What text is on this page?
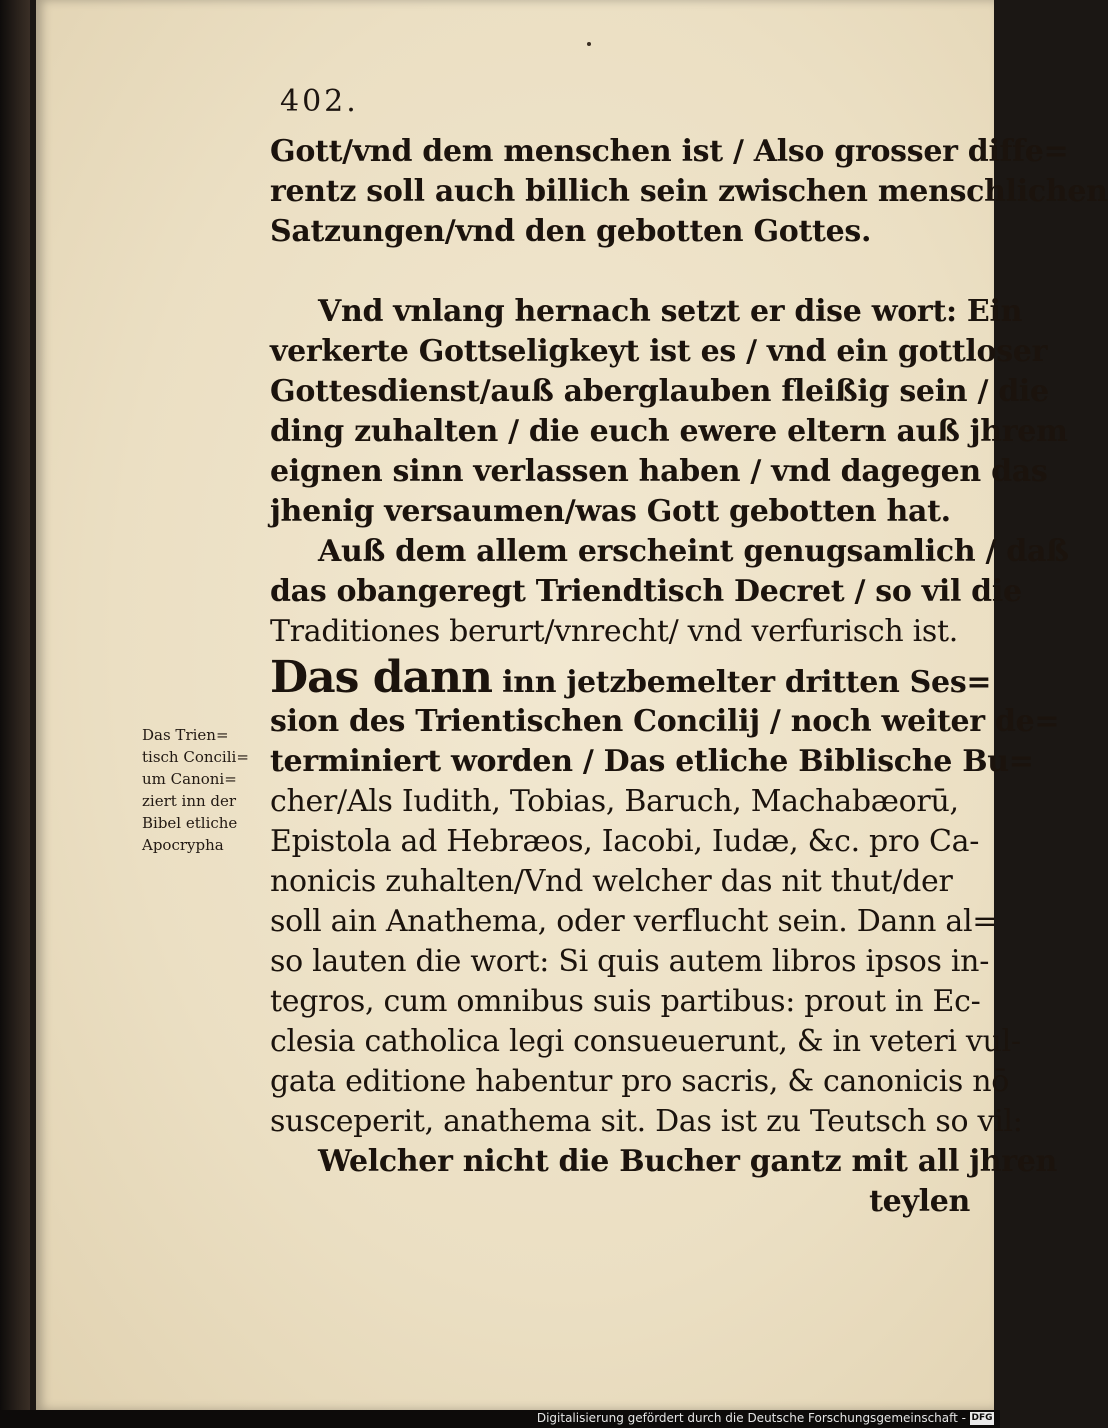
402.
Gott/vnd dem menschen ist / Also grosser diffe=
rentz soll auch billich sein zwischen menschlichen
Satzungen/vnd den gebotten Gottes.
Vnd vnlang hernach setzt er dise wort: Ein
verkerte Gottseligkeyt ist es / vnd ein gottloser
Gottesdienst/auß aberglauben fleißig sein / die
ding zuhalten / die euch ewere eltern auß jhrem
eignen sinn verlassen haben / vnd dagegen das
jhenig versaumen/was Gott gebotten hat.
Auß dem allem erscheint genugsamlich / daß
das obangeregt Triendtisch Decret / so vil die
Traditiones berurt/vnrecht/ vnd verfurisch ist.
Das dann inn jetzbemelter dritten Ses=
sion des Trientischen Concilij / noch weiter de=
terminiert worden / Das etliche Biblische Bu=
cher/Als Iudith, Tobias, Baruch, Machabæorū,
Epistola ad Hebræos, Iacobi, Iudæ, &c. pro Ca-
nonicis zuhalten/Vnd welcher das nit thut/der
soll ain Anathema, oder verflucht sein. Dann al=
so lauten die wort: Si quis autem libros ipsos in-
tegros, cum omnibus suis partibus: prout in Ec-
clesia catholica legi consueuerunt, & in veteri vul-
gata editione habentur pro sacris, & canonicis nō
susceperit, anathema sit. Das ist zu Teutsch so vil:
Welcher nicht die Bucher gantz mit all jhren
teylen
Das Trien=
tisch Concili=
um Canoni=
ziert inn der
Bibel etliche
Apocrypha
Digitalisierung gefördert durch die Deutsche Forschungsgemeinschaft - DFG
